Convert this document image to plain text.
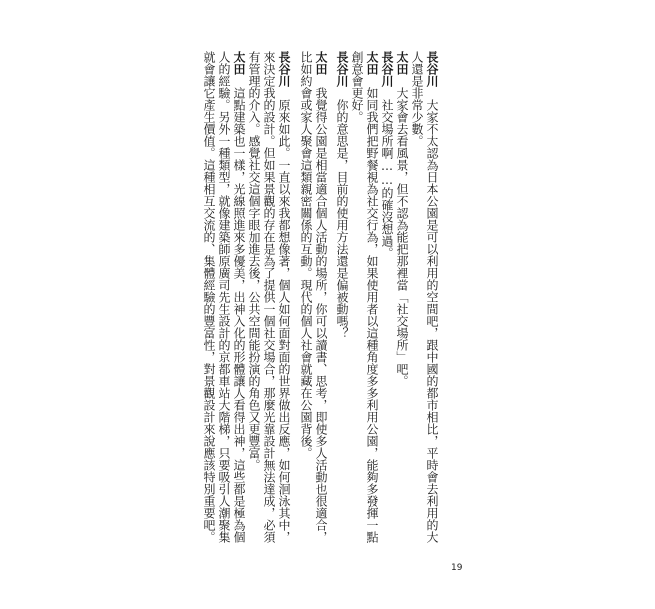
長谷川　大家不太認為日本公園是可以利用的空間吧，跟中國的都市相比，平時會去利用的大
人還是非常少數。
太田　大家會去看風景，但不認為能把那裡當「社交場所」吧。
長谷川　社交場所啊……的確沒想過。
太田　如同我們把野餐視為社交行為，如果使用者以這種角度多多利用公園，能夠多發揮一點
創意會更好。
長谷川　你的意思是，目前的使用方法還是偏被動嗎？
太田　我覺得公園是相當適合個人活動的場所，你可以讀書、思考，即使多人活動也很適合，
比如約會或家人聚會這類親密關係的互動。現代的個人社會就藏在公園背後。
長谷川　原來如此。一直以來我都想像著，個人如何面對面的世界做出反應，如何洄泳其中，
來決定我的設計。但如果景觀的存在是為了提供一個社交場合，那麼光靠設計無法達成，必須
有管理的介入。感覺社交這個字眼加進去後，公共空間能扮演的角色又更豐富。
太田　這點建築也一樣，光線照進來多優美，出神入化的形體讓人看得出神，這些都是極為個
人的經驗。另外一種類型，就像建築師原廣司先生設計的京都車站大階梯，只要吸引人潮聚集
就會讓它產生價值。這種相互交流的、集體經驗的豐富性，對景觀設計來說應該特別重要吧。
19
